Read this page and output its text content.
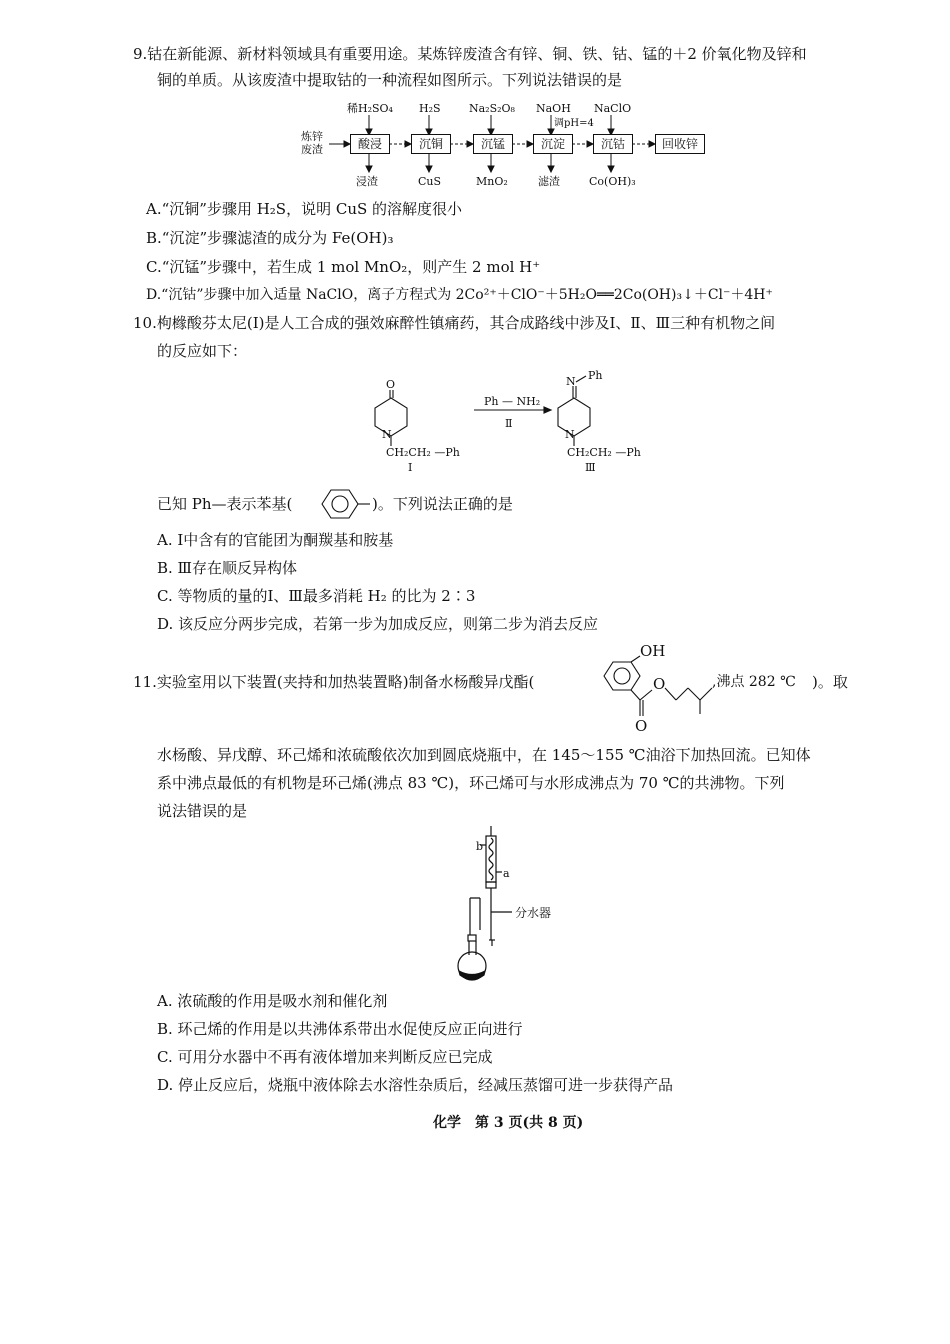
9.钴在新能源、新材料领域具有重要用途。某炼锌废渣含有锌、铜、铁、钴、锰的＋2 价氧化物及锌和
铜的单质。从该废渣中提取钴的一种流程如图所示。下列说法错误的是
炼锌
废渣	酸浸	沉铜	沉锰	沉淀	沉钴	回收锌
稀H₂SO₄ H₂S	Na₂S₂O₈ NaOH NaClO
调pH=4
浸渣	CuS	MnO₂	滤渣	Co(OH)₃
A.“沉铜”步骤用 H₂S，说明 CuS 的溶解度很小
B.“沉淀”步骤滤渣的成分为 Fe(OH)₃
C.“沉锰”步骤中，若生成 1 mol MnO₂，则产生 2 mol H⁺
D.“沉钴”步骤中加入适量 NaClO，离子方程式为 2Co²⁺＋ClO⁻＋5H₂O══2Co(OH)₃↓＋Cl⁻＋4H⁺
10.枸橼酸芬太尼(Ⅰ)是人工合成的强效麻醉性镇痛药，其合成路线中涉及Ⅰ、Ⅱ、Ⅲ三种有机物之间
的反应如下：
O
N
CH₂CH₂ —Ph
Ⅰ
Ph — NH₂
Ⅱ
N Ph
N
CH₂CH₂ —Ph
Ⅲ
已知 Ph—表示苯基(	)。下列说法正确的是
A. Ⅰ中含有的官能团为酮羰基和胺基
B. Ⅲ存在顺反异构体
C. 等物质的量的Ⅰ、Ⅲ最多消耗 H₂ 的比为 2∶3
D. 该反应分两步完成，若第一步为加成反应，则第二步为消去反应
11.实验室用以下装置(夹持和加热装置略)制备水杨酸异戊酯(
OH
O
O
,沸点 282 ℃ )。取
水杨酸、异戊醇、环己烯和浓硫酸依次加到圆底烧瓶中，在 145～155 ℃油浴下加热回流。已知体
系中沸点最低的有机物是环己烯(沸点 83 ℃)，环己烯可与水形成沸点为 70 ℃的共沸物。下列
说法错误的是
b
a
分水器
A. 浓硫酸的作用是吸水剂和催化剂
B. 环己烯的作用是以共沸体系带出水促使反应正向进行
C. 可用分水器中不再有液体增加来判断反应已完成
D. 停止反应后，烧瓶中液体除去水溶性杂质后，经减压蒸馏可进一步获得产品
化学　第 3 页(共 8 页)
